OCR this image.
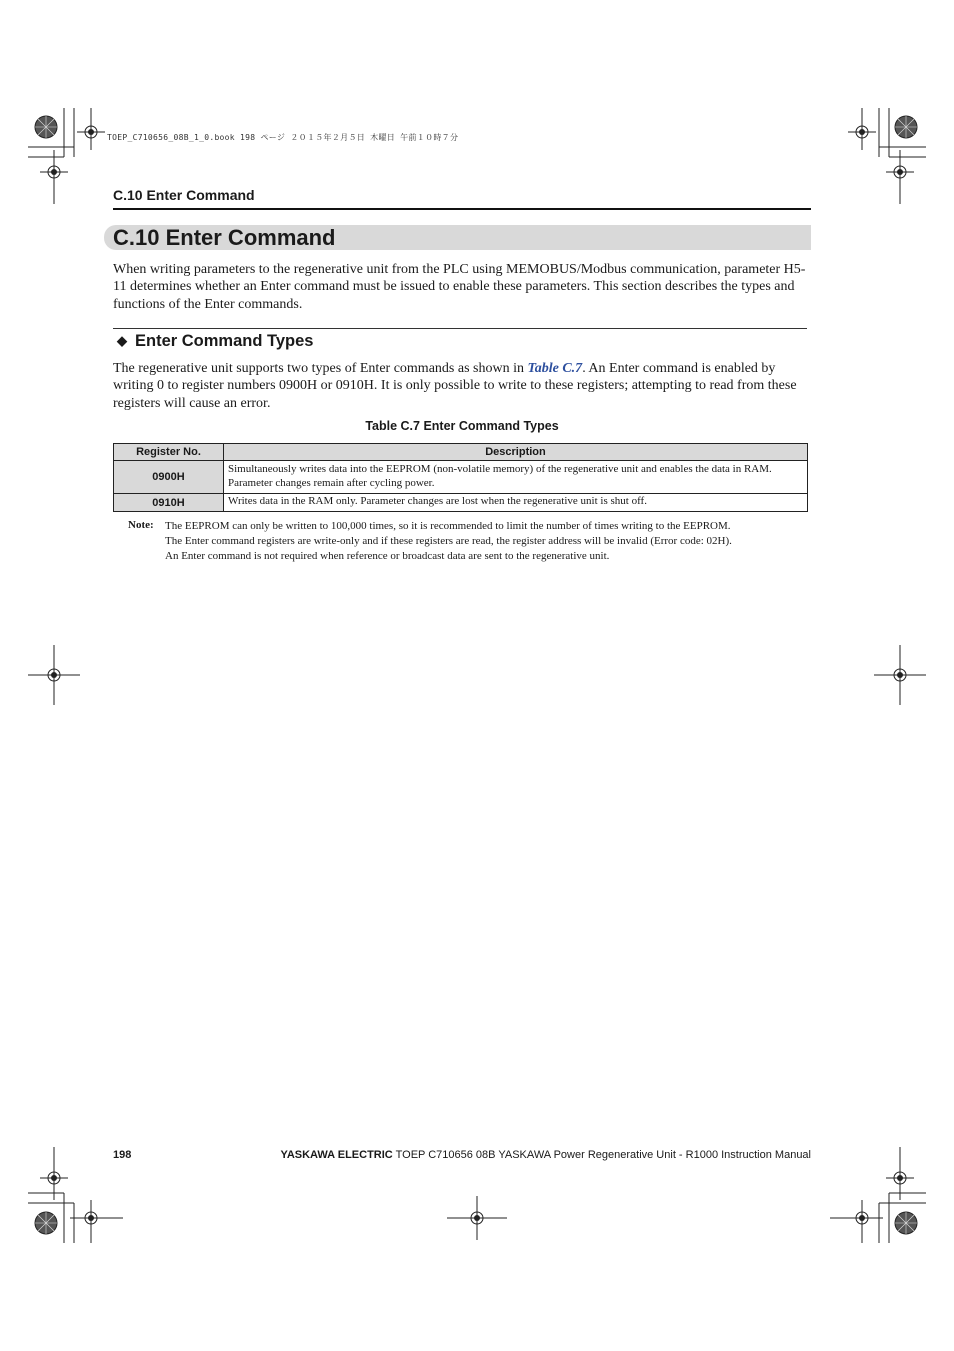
TOEP_C710656_08B_1_0.book 198 ページ ２０１５年２月５日 木曜日 午前１０時７分
C.10 Enter Command
C.10 Enter Command
When writing parameters to the regenerative unit from the PLC using MEMOBUS/Modbus communication, parameter H5-11 determines whether an Enter command must be issued to enable these parameters. This section describes the types and functions of the Enter commands.
◆ Enter Command Types
The regenerative unit supports two types of Enter commands as shown in Table C.7. An Enter command is enabled by writing 0 to register numbers 0900H or 0910H. It is only possible to write to these registers; attempting to read from these registers will cause an error.
Table C.7 Enter Command Types
Register No.	Description
0900H	Simultaneously writes data into the EEPROM (non-volatile memory) of the regenerative unit and enables the data in RAM. Parameter changes remain after cycling power.
0910H	Writes data in the RAM only. Parameter changes are lost when the regenerative unit is shut off.
Note: The EEPROM can only be written to 100,000 times, so it is recommended to limit the number of times writing to the EEPROM.
The Enter command registers are write-only and if these registers are read, the register address will be invalid (Error code: 02H).
An Enter command is not required when reference or broadcast data are sent to the regenerative unit.
198	YASKAWA ELECTRIC TOEP C710656 08B YASKAWA Power Regenerative Unit - R1000 Instruction Manual
